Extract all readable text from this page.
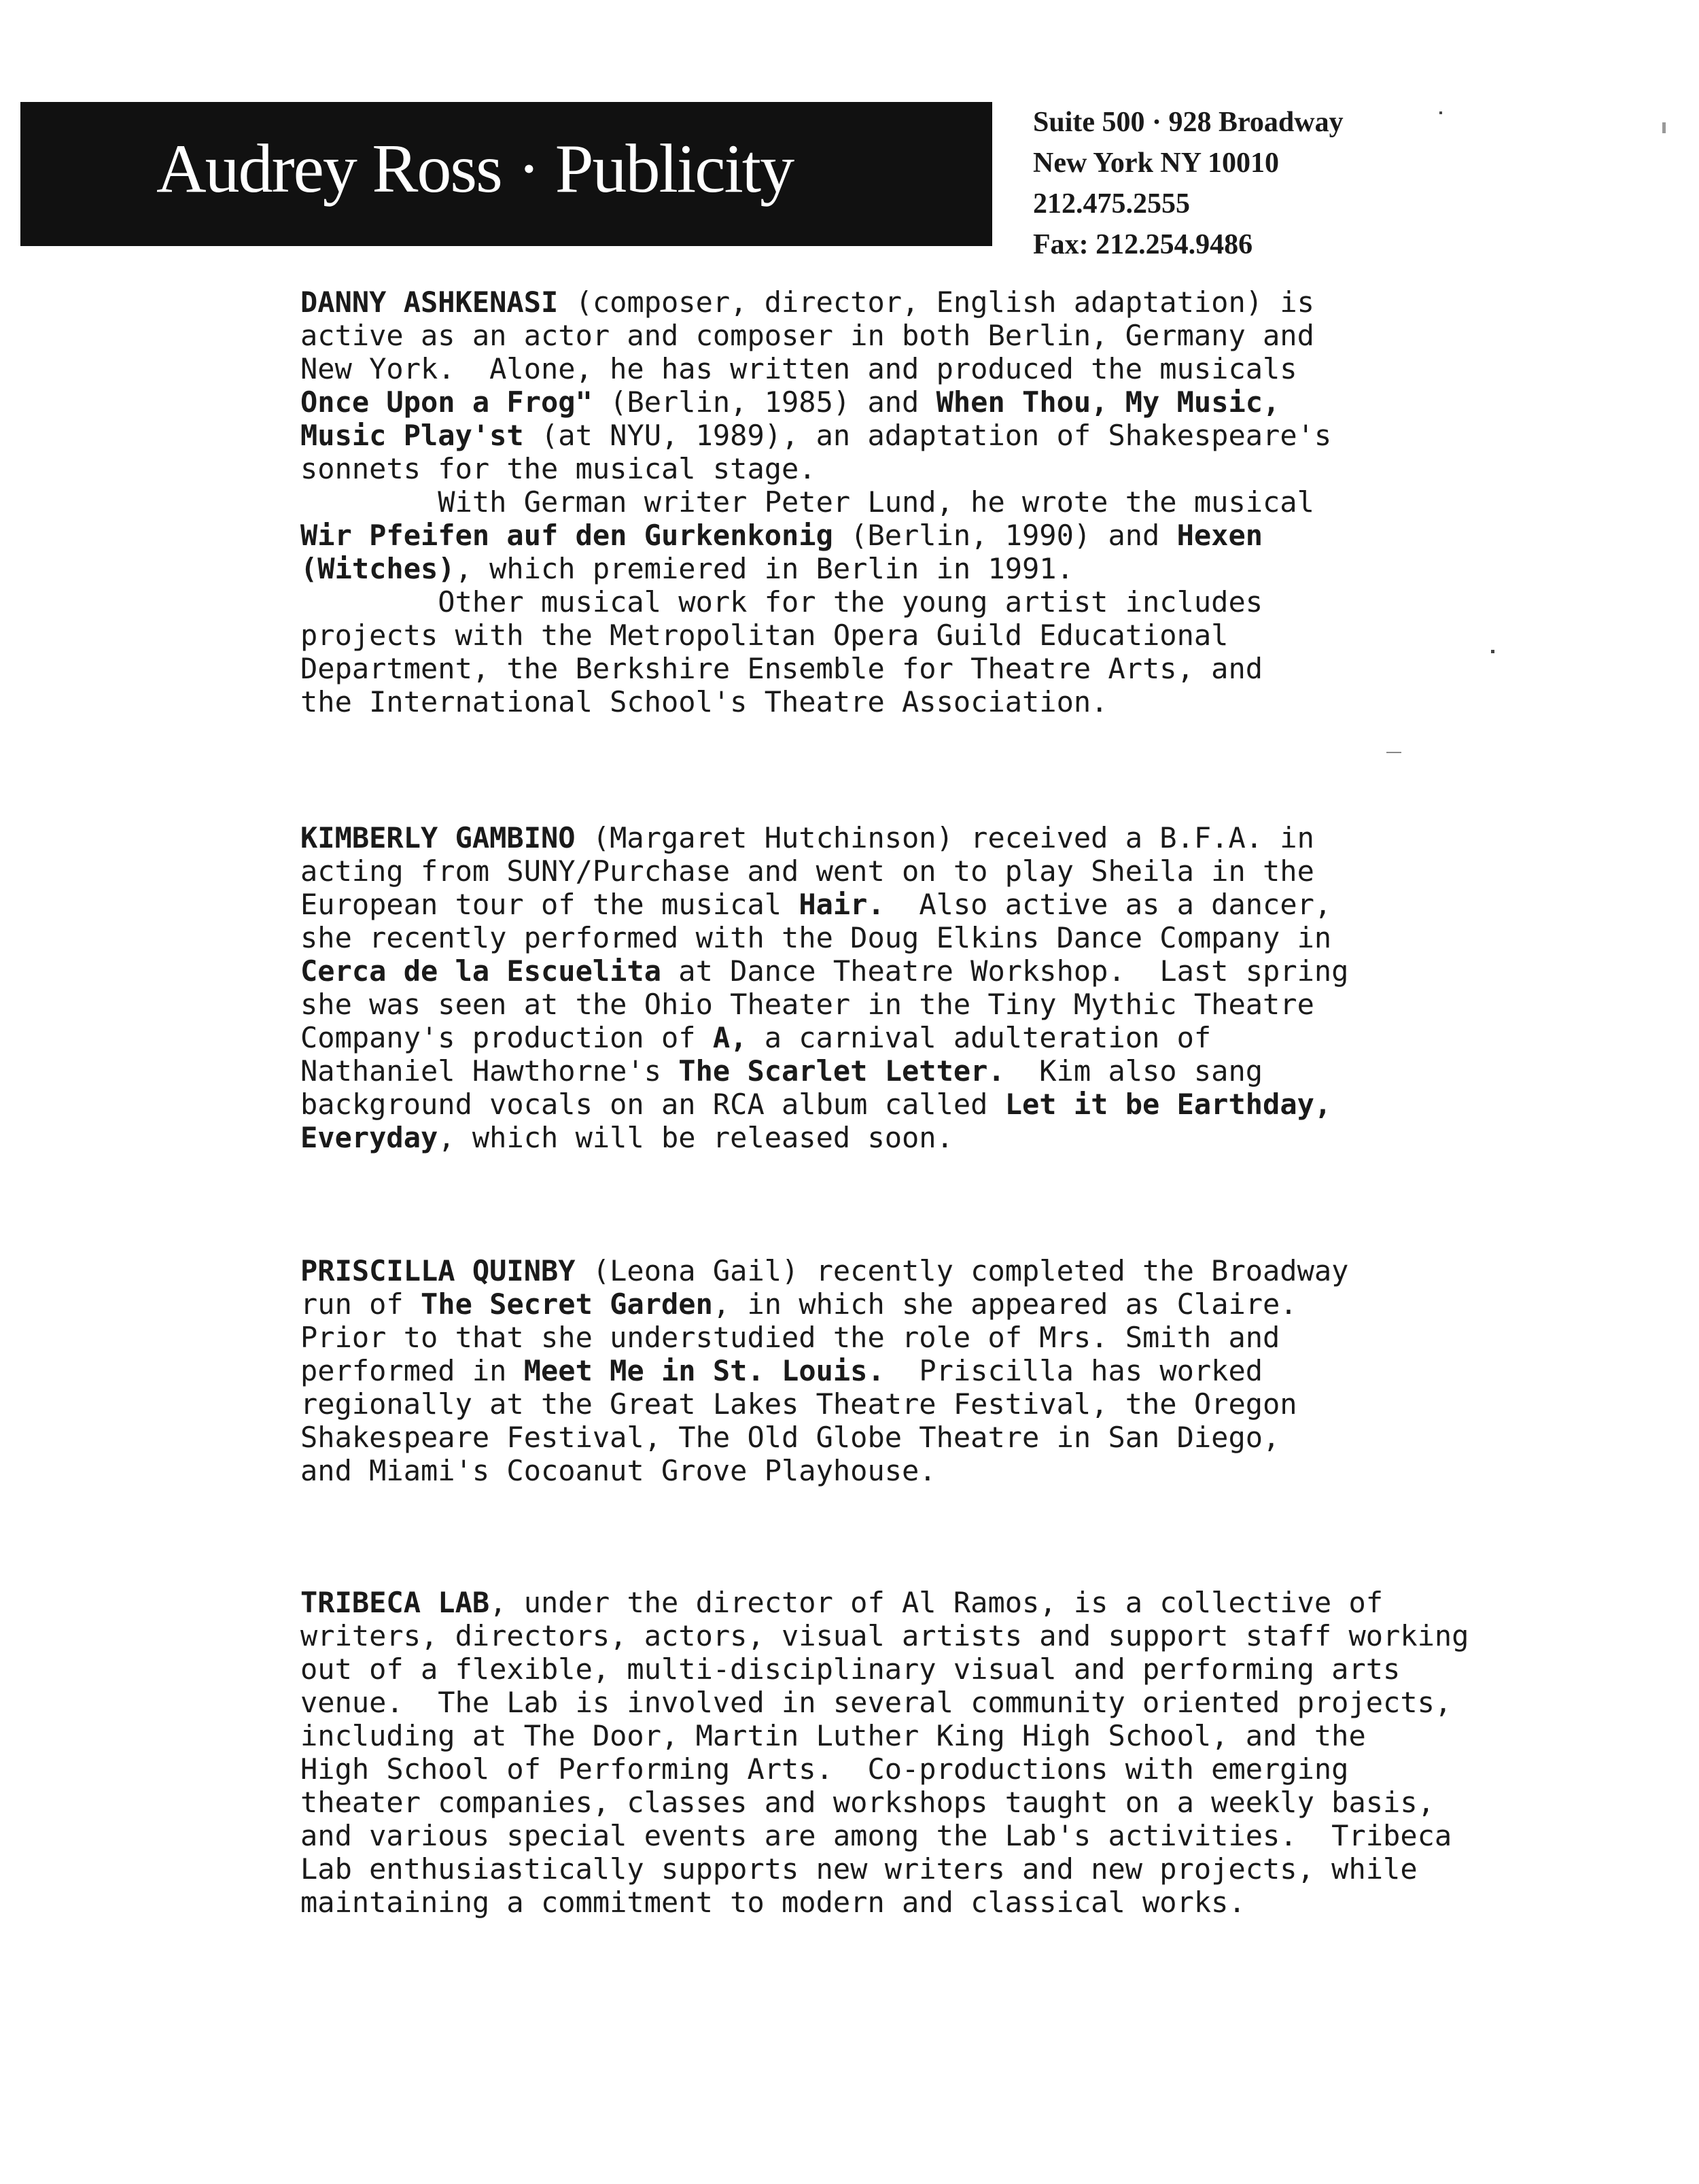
Audrey Ross · Publicity
Suite 500 · 928 Broadway
New York NY 10010
212.475.2555
Fax: 212.254.9486

DANNY ASHKENASI (composer, director, English adaptation) is

active as an actor and composer in both Berlin, Germany and

New York.  Alone, he has written and produced the musicals

Once Upon a Frog" (Berlin, 1985) and When Thou, My Music,

Music Play'st (at NYU, 1989), an adaptation of Shakespeare's

sonnets for the musical stage.

With German writer Peter Lund, he wrote the musical

Wir Pfeifen auf den Gurkenkonig (Berlin, 1990) and Hexen

(Witches), which premiered in Berlin in 1991.

Other musical work for the young artist includes

projects with the Metropolitan Opera Guild Educational

Department, the Berkshire Ensemble for Theatre Arts, and

the International School's Theatre Association.

KIMBERLY GAMBINO (Margaret Hutchinson) received a B.F.A. in

acting from SUNY/Purchase and went on to play Sheila in the

European tour of the musical Hair.  Also active as a dancer,

she recently performed with the Doug Elkins Dance Company in

Cerca de la Escuelita at Dance Theatre Workshop.  Last spring

she was seen at the Ohio Theater in the Tiny Mythic Theatre

Company's production of A, a carnival adulteration of

Nathaniel Hawthorne's The Scarlet Letter.  Kim also sang

background vocals on an RCA album called Let it be Earthday,

Everyday, which will be released soon.

PRISCILLA QUINBY (Leona Gail) recently completed the Broadway

run of The Secret Garden, in which she appeared as Claire.

Prior to that she understudied the role of Mrs. Smith and

performed in Meet Me in St. Louis.  Priscilla has worked

regionally at the Great Lakes Theatre Festival, the Oregon

Shakespeare Festival, The Old Globe Theatre in San Diego,

and Miami's Cocoanut Grove Playhouse.

TRIBECA LAB, under the director of Al Ramos, is a collective of

writers, directors, actors, visual artists and support staff working

out of a flexible, multi-disciplinary visual and performing arts

venue.  The Lab is involved in several community oriented projects,

including at The Door, Martin Luther King High School, and the

High School of Performing Arts.  Co-productions with emerging

theater companies, classes and workshops taught on a weekly basis,

and various special events are among the Lab's activities.  Tribeca

Lab enthusiastically supports new writers and new projects, while

maintaining a commitment to modern and classical works.
